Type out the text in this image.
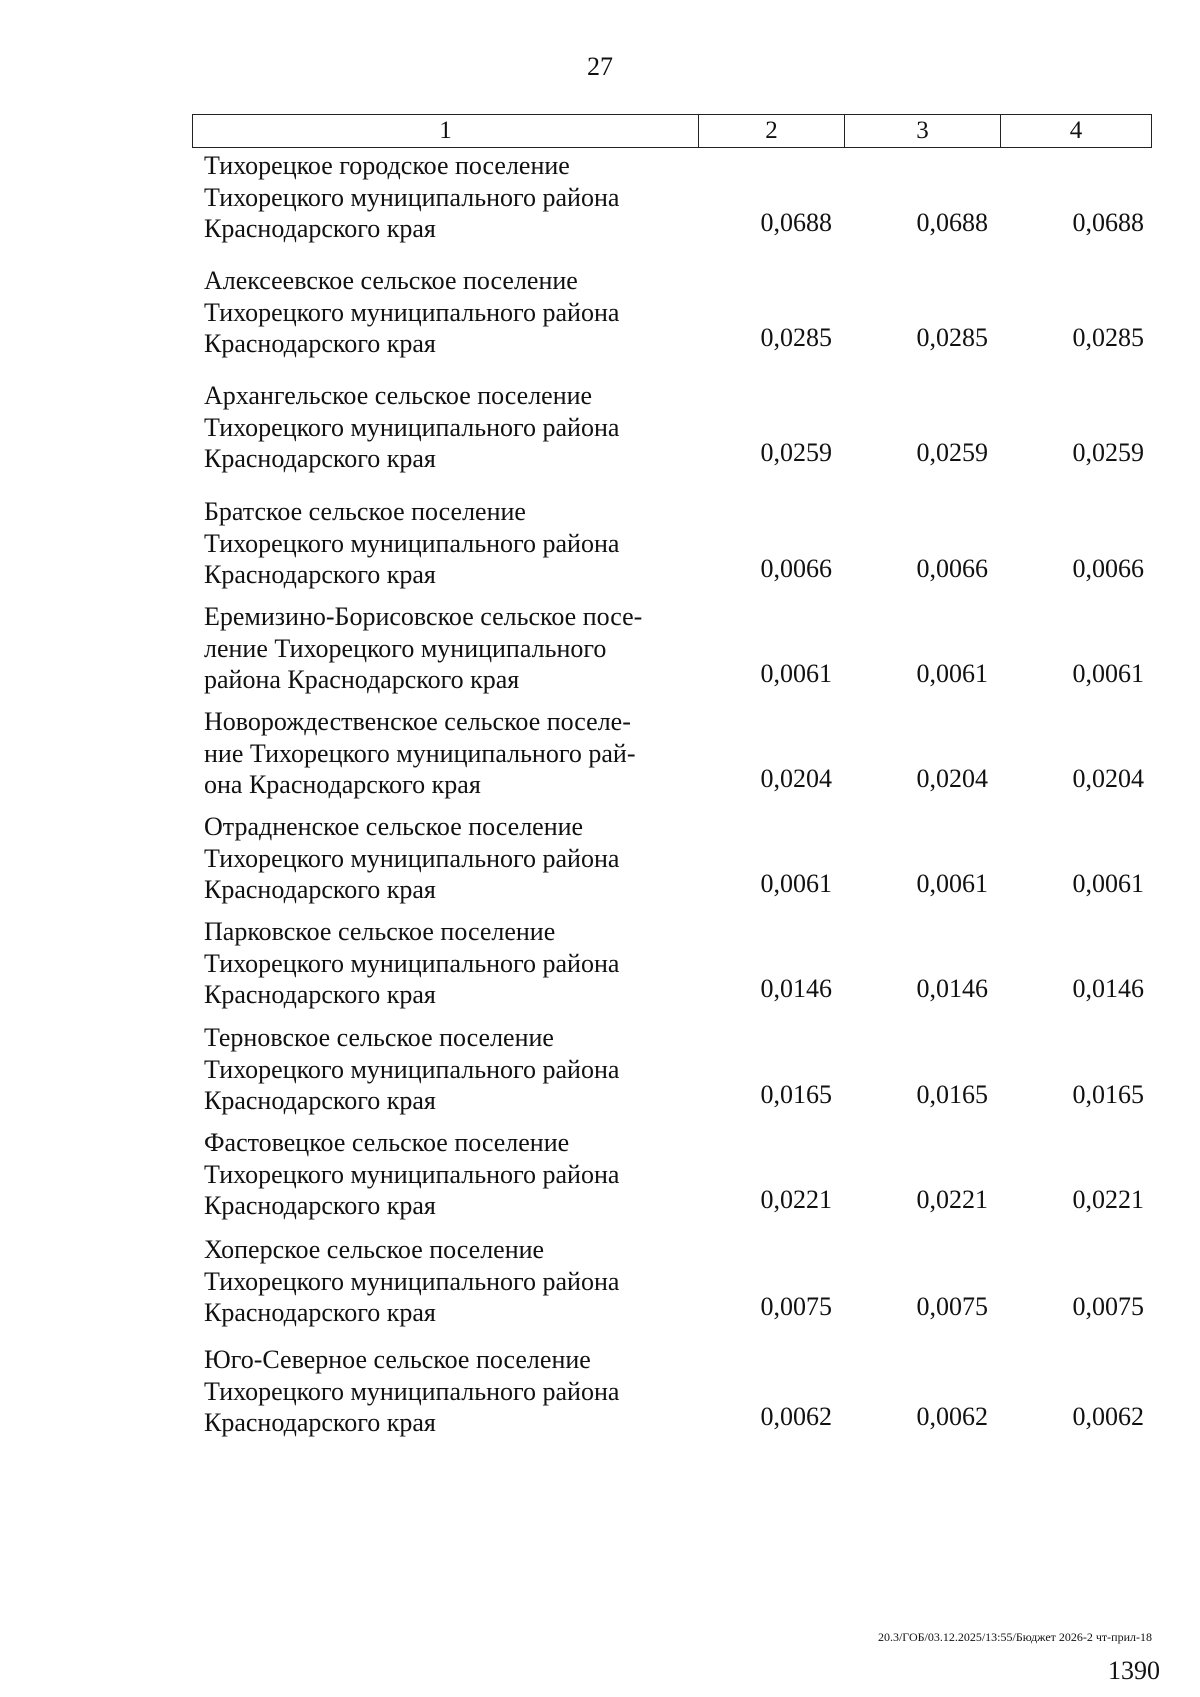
27
1	2	3	4
Тихорецкое городское поселение
Тихорецкого муниципального района
Краснодарского края	0,0688	0,0688	0,0688
Алексеевское сельское поселение
Тихорецкого муниципального района
Краснодарского края	0,0285	0,0285	0,0285
Архангельское сельское поселение
Тихорецкого муниципального района
Краснодарского края	0,0259	0,0259	0,0259
Братское сельское поселение
Тихорецкого муниципального района
Краснодарского края	0,0066	0,0066	0,0066
Еремизино-Борисовское сельское посе-
ление Тихорецкого муниципального
района Краснодарского края	0,0061	0,0061	0,0061
Новорождественское сельское поселе-
ние Тихорецкого муниципального рай-
она Краснодарского края	0,0204	0,0204	0,0204
Отрадненское сельское поселение
Тихорецкого муниципального района
Краснодарского края	0,0061	0,0061	0,0061
Парковское сельское поселение
Тихорецкого муниципального района
Краснодарского края	0,0146	0,0146	0,0146
Терновское сельское поселение
Тихорецкого муниципального района
Краснодарского края	0,0165	0,0165	0,0165
Фастовецкое сельское поселение
Тихорецкого муниципального района
Краснодарского края	0,0221	0,0221	0,0221
Хоперское сельское поселение
Тихорецкого муниципального района
Краснодарского края	0,0075	0,0075	0,0075
Юго-Северное сельское поселение
Тихорецкого муниципального района
Краснодарского края	0,0062	0,0062	0,0062
20.3/ГОБ/03.12.2025/13:55/Бюджет 2026-2 чт-прил-18
1390
